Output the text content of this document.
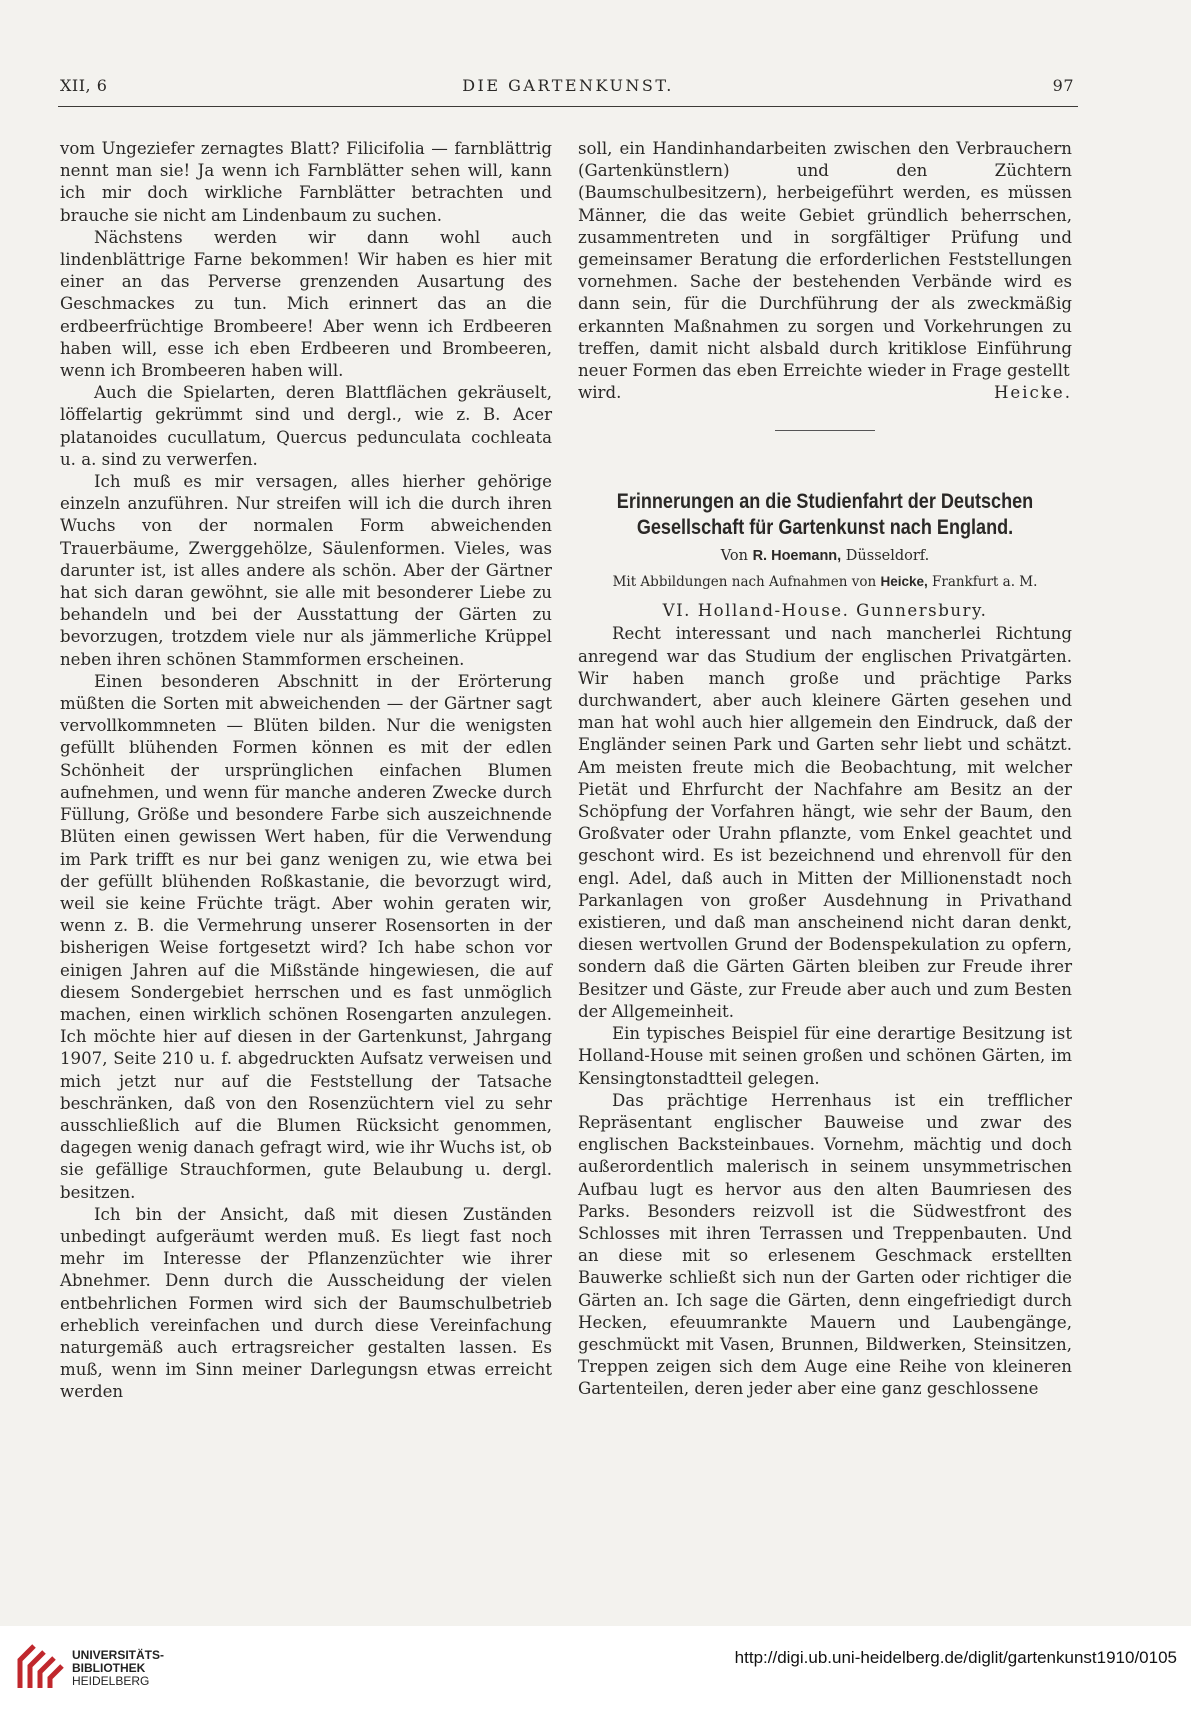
XII, 6	DIE GARTENKUNST.	97

vom Ungeziefer zernagtes Blatt? Filicifolia — farnblättrig nennt man sie! Ja wenn ich Farnblätter sehen will, kann ich mir doch wirkliche Farnblätter betrachten und brauche sie nicht am Lindenbaum zu suchen.

Nächstens werden wir dann wohl auch lindenblättrige Farne bekommen! Wir haben es hier mit einer an das Perverse grenzenden Ausartung des Geschmackes zu tun. Mich erinnert das an die erdbeerfrüchtige Brombeere! Aber wenn ich Erdbeeren haben will, esse ich eben Erdbeeren und Brombeeren, wenn ich Brombeeren haben will.

Auch die Spielarten, deren Blattflächen gekräuselt, löffelartig gekrümmt sind und dergl., wie z. B. Acer platanoides cucullatum, Quercus pedunculata cochleata u. a. sind zu verwerfen.

Ich muß es mir versagen, alles hierher gehörige einzeln anzuführen. Nur streifen will ich die durch ihren Wuchs von der normalen Form abweichenden Trauerbäume, Zwerggehölze, Säulenformen. Vieles, was darunter ist, ist alles andere als schön. Aber der Gärtner hat sich daran gewöhnt, sie alle mit besonderer Liebe zu behandeln und bei der Ausstattung der Gärten zu bevorzugen, trotzdem viele nur als jämmerliche Krüppel neben ihren schönen Stammformen erscheinen.

Einen besonderen Abschnitt in der Erörterung müßten die Sorten mit abweichenden — der Gärtner sagt vervollkommneten — Blüten bilden. Nur die wenigsten gefüllt blühenden Formen können es mit der edlen Schönheit der ursprünglichen einfachen Blumen aufnehmen, und wenn für manche anderen Zwecke durch Füllung, Größe und besondere Farbe sich auszeichnende Blüten einen gewissen Wert haben, für die Verwendung im Park trifft es nur bei ganz wenigen zu, wie etwa bei der gefüllt blühenden Roßkastanie, die bevorzugt wird, weil sie keine Früchte trägt. Aber wohin geraten wir, wenn z. B. die Vermehrung unserer Rosensorten in der bisherigen Weise fortgesetzt wird? Ich habe schon vor einigen Jahren auf die Mißstände hingewiesen, die auf diesem Sondergebiet herrschen und es fast unmöglich machen, einen wirklich schönen Rosengarten anzulegen. Ich möchte hier auf diesen in der Gartenkunst, Jahrgang 1907, Seite 210 u. f. abgedruckten Aufsatz verweisen und mich jetzt nur auf die Feststellung der Tatsache beschränken, daß von den Rosenzüchtern viel zu sehr ausschließlich auf die Blumen Rücksicht genommen, dagegen wenig danach gefragt wird, wie ihr Wuchs ist, ob sie gefällige Strauchformen, gute Belaubung u. dergl. besitzen.

Ich bin der Ansicht, daß mit diesen Zuständen unbedingt aufgeräumt werden muß. Es liegt fast noch mehr im Interesse der Pflanzenzüchter wie ihrer Abnehmer. Denn durch die Ausscheidung der vielen entbehrlichen Formen wird sich der Baumschulbetrieb erheblich vereinfachen und durch diese Vereinfachung naturgemäß auch ertragsreicher gestalten lassen. Es muß, wenn im Sinn meiner Darlegungsn etwas erreicht werden

soll, ein Handinhandarbeiten zwischen den Verbrauchern (Gartenkünstlern) und den Züchtern (Baumschulbesitzern), herbeigeführt werden, es müssen Männer, die das weite Gebiet gründlich beherrschen, zusammentreten und in sorgfältiger Prüfung und gemeinsamer Beratung die erforderlichen Feststellungen vornehmen. Sache der bestehenden Verbände wird es dann sein, für die Durchführung der als zweckmäßig erkannten Maßnahmen zu sorgen und Vorkehrungen zu treffen, damit nicht alsbald durch kritiklose Einführung neuer Formen das eben Erreichte wieder in Frage gestellt

wird.	Heicke.
Erinnerungen an die Studienfahrt der Deutschen
Gesellschaft für Gartenkunst nach England.
Von R. Hoemann, Düsseldorf.
Mit Abbildungen nach Aufnahmen von Heicke, Frankfurt a. M.
VI. Holland-House. Gunnersbury.

Recht interessant und nach mancherlei Richtung anregend war das Studium der englischen Privatgärten. Wir haben manch große und prächtige Parks durchwandert, aber auch kleinere Gärten gesehen und man hat wohl auch hier allgemein den Eindruck, daß der Engländer seinen Park und Garten sehr liebt und schätzt. Am meisten freute mich die Beobachtung, mit welcher Pietät und Ehrfurcht der Nachfahre am Besitz an der Schöpfung der Vorfahren hängt, wie sehr der Baum, den Großvater oder Urahn pflanzte, vom Enkel geachtet und geschont wird. Es ist bezeichnend und ehrenvoll für den engl. Adel, daß auch in Mitten der Millionenstadt noch Parkanlagen von großer Ausdehnung in Privathand existieren, und daß man anscheinend nicht daran denkt, diesen wertvollen Grund der Bodenspekulation zu opfern, sondern daß die Gärten Gärten bleiben zur Freude ihrer Besitzer und Gäste, zur Freude aber auch und zum Besten der Allgemeinheit.

Ein typisches Beispiel für eine derartige Besitzung ist Holland-House mit seinen großen und schönen Gärten, im Kensingtonstadtteil gelegen.

Das prächtige Herrenhaus ist ein trefflicher Repräsentant englischer Bauweise und zwar des englischen Backsteinbaues. Vornehm, mächtig und doch außerordentlich malerisch in seinem unsymmetrischen Aufbau lugt es hervor aus den alten Baumriesen des Parks. Besonders reizvoll ist die Südwestfront des Schlosses mit ihren Terrassen und Treppenbauten. Und an diese mit so erlesenem Geschmack erstellten Bauwerke schließt sich nun der Garten oder richtiger die Gärten an. Ich sage die Gärten, denn eingefriedigt durch Hecken, efeuumrankte Mauern und Laubengänge, geschmückt mit Vasen, Brunnen, Bildwerken, Steinsitzen, Treppen zeigen sich dem Auge eine Reihe von kleineren Gartenteilen, deren jeder aber eine ganz geschlossene

UNIVERSITÄTS-
BIBLIOTHEK
HEIDELBERG
http://digi.ub.uni-heidelberg.de/diglit/gartenkunst1910/0105
